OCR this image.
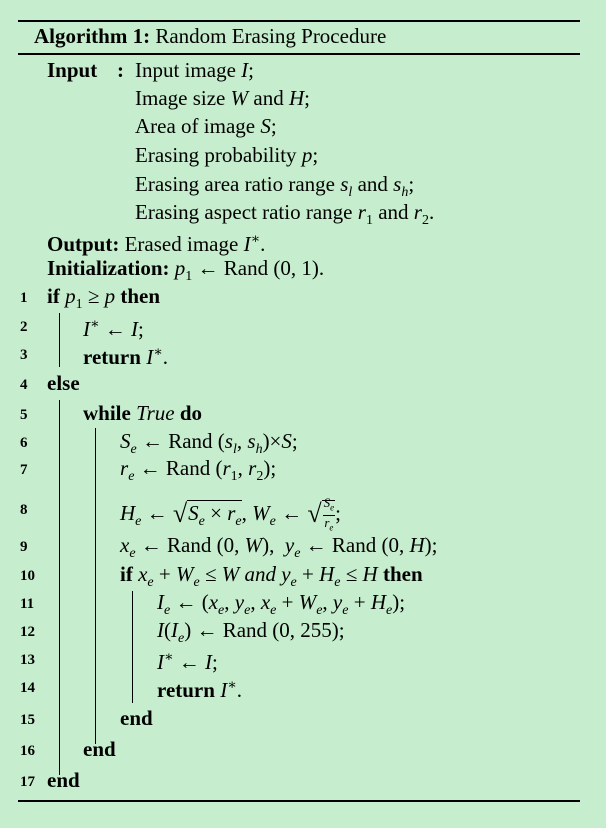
Algorithm 1: Random Erasing Procedure
Input : Input image I;
Image size W and H;
Area of image S;
Erasing probability p;
Erasing area ratio range $s_l$ and $s_h$;
Erasing aspect ratio range $r_1$ and $r_2$.
Output: Erased image I∗.
Initialization: $p_1$ ← Rand (0, 1).
1
2
3
4
5
6
7
8
9
10
11
12
13
14
15
16
17
if $p_1 \ge p$ then
I∗ ← I;
return I∗.
else
while True do
$S_e$ ← Rand ($s_l$, $s_h)\times S$;
$r_e$ ← Rand ($r_1$, $r_2$);
$H_e$ ← $√S_e \times r_e$, $W_e$ ← √ $\frac{S_e}{r_e}$ ;
$x_e$ ← Rand (0, W),  $y_e$ ← Rand (0, H);
if $x_e + W_e \le W$ and $y_e + H_e \le H$ then
$I_e$ ← ($x_e$, $y_e$, $x_e + W_e$, $y_e + H_e$);
$I(I_e)$ ← Rand (0, 255);
I∗ ← I;
return I∗.
end
end
end
